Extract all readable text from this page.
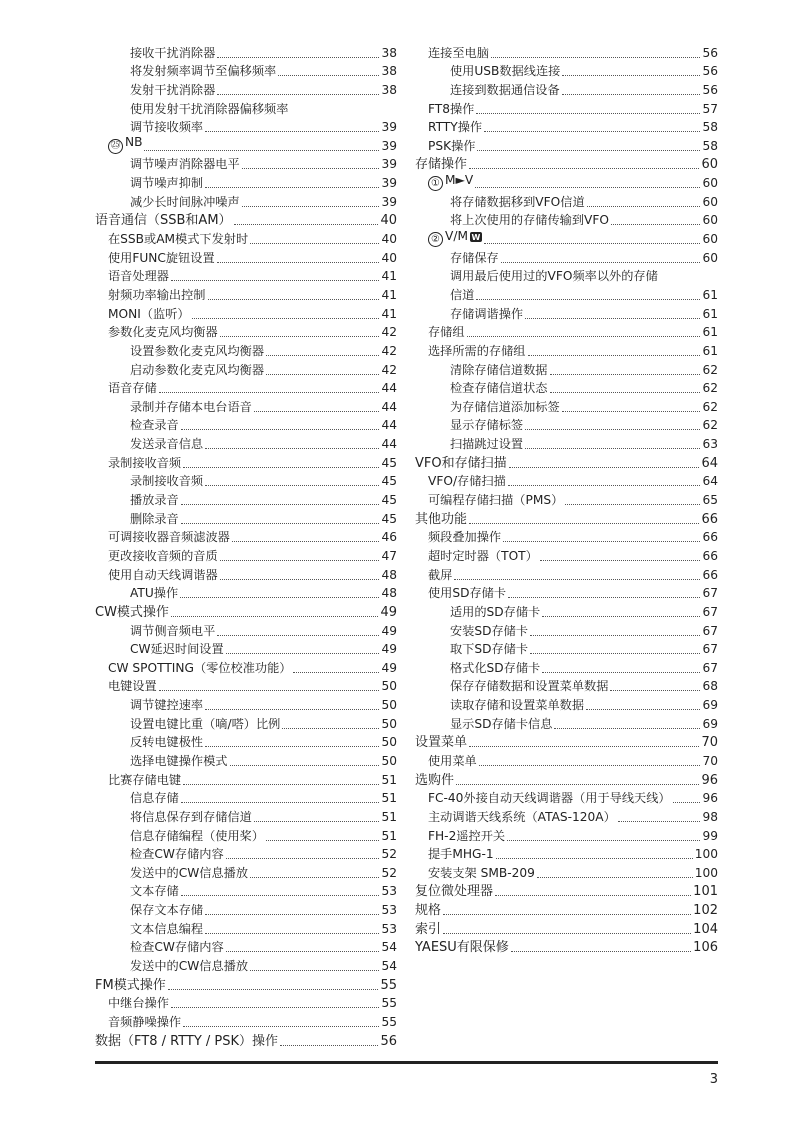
接收干扰消除器	38
将发射频率调节至偏移频率	38
发射干扰消除器	38
使用发射干扰消除器偏移频率
调节接收频率	39
㉕ NB	39
调节噪声消除器电平	39
调节噪声抑制	39
减少长时间脉冲噪声	39
语音通信（SSB和AM）	40
在SSB或AM模式下发射时	40
使用FUNC旋钮设置	40
语音处理器	41
射频功率输出控制	41
MONI（监听）	41
参数化麦克风均衡器	42
设置参数化麦克风均衡器	42
启动参数化麦克风均衡器	42
语音存储	44
录制并存储本电台语音	44
检查录音	44
发送录音信息	44
录制接收音频	45
录制接收音频	45
播放录音	45
删除录音	45
可调接收器音频滤波器	46
更改接收音频的音质	47
使用自动天线调谐器	48
ATU操作	48
CW模式操作	49
调节侧音频电平	49
CW延迟时间设置	49
CW SPOTTING（零位校准功能）	49
电键设置	50
调节键控速率	50
设置电键比重（嘀/嗒）比例	50
反转电键极性	50
选择电键操作模式	50
比赛存储电键	51
信息存储	51
将信息保存到存储信道	51
信息存储编程（使用桨）	51
检查CW存储内容	52
发送中的CW信息播放	52
文本存储	53
保存文本存储	53
文本信息编程	53
检查CW存储内容	54
发送中的CW信息播放	54
FM模式操作	55
中继台操作	55
音频静噪操作	55
数据（FT8 / RTTY / PSK）操作	56
连接至电脑	56
使用USB数据线连接	56
连接到数据通信设备	56
FT8操作	57
RTTY操作	58
PSK操作	58
存储操作	60
① M►V	60
将存储数据移到VFO信道	60
将上次使用的存储传输到VFO	60
② V/M W	60
存储保存	60
调用最后使用过的VFO频率以外的存储
信道	61
存储调谐操作	61
存储组	61
选择所需的存储组	61
清除存储信道数据	62
检查存储信道状态	62
为存储信道添加标签	62
显示存储标签	62
扫描跳过设置	63
VFO和存储扫描	64
VFO/存储扫描	64
可编程存储扫描（PMS）	65
其他功能	66
频段叠加操作	66
超时定时器（TOT）	66
截屏	66
使用SD存储卡	67
适用的SD存储卡	67
安装SD存储卡	67
取下SD存储卡	67
格式化SD存储卡	67
保存存储数据和设置菜单数据	68
读取存储和设置菜单数据	69
显示SD存储卡信息	69
设置菜单	70
使用菜单	70
选购件	96
FC-40外接自动天线调谐器（用于导线天线）	96
主动调谐天线系统（ATAS-120A）	98
FH-2遥控开关	99
提手MHG-1	100
安装支架 SMB-209	100
复位微处理器	101
规格	102
索引	104
YAESU有限保修	106
3
